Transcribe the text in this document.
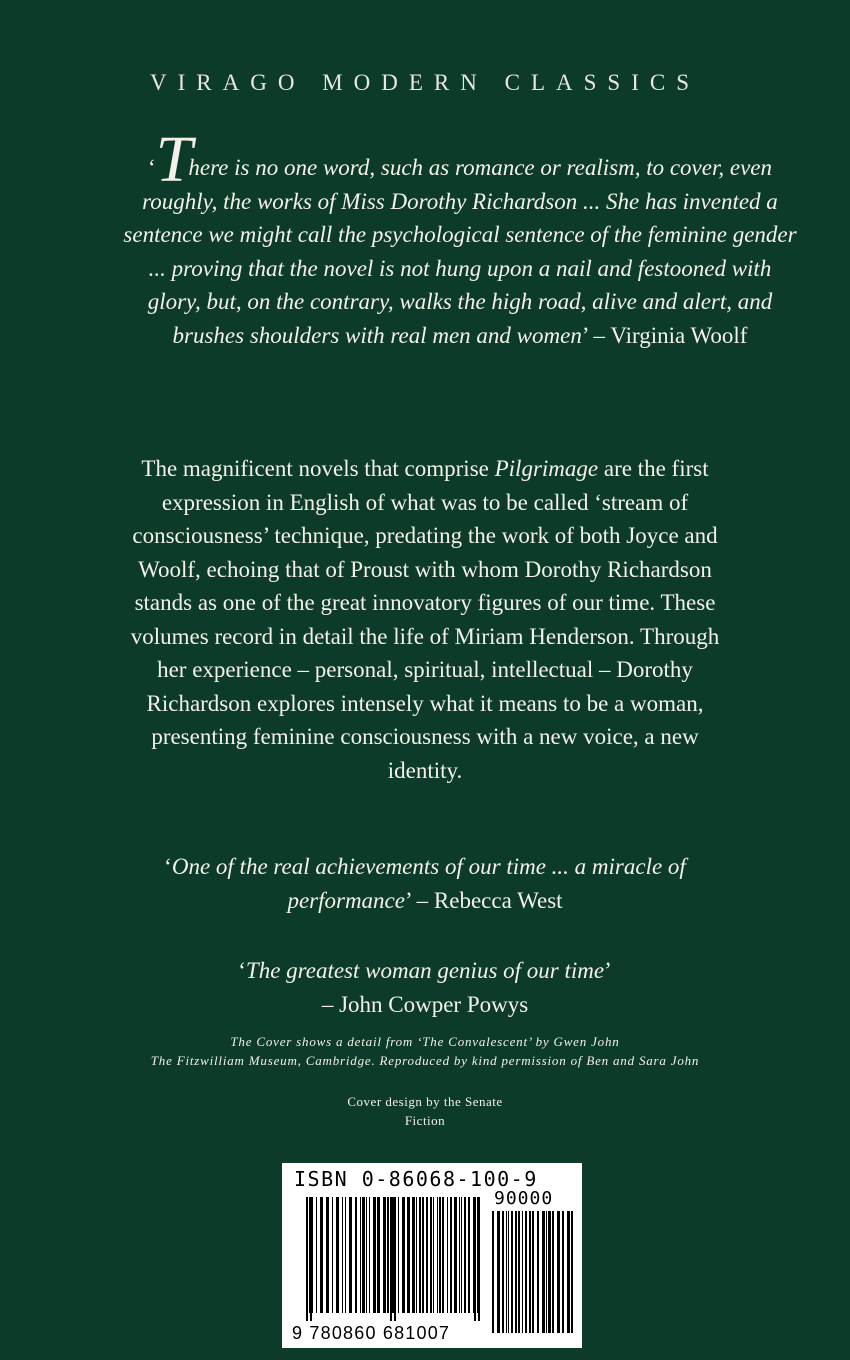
VIRAGO MODERN CLASSICS
‘There is no one word, such as romance or realism, to cover, even roughly, the works of Miss Dorothy Richardson ... She has invented a sentence we might call the psychological sentence of the feminine gender ... proving that the novel is not hung upon a nail and festooned with glory, but, on the contrary, walks the high road, alive and alert, and brushes shoulders with real men and women’ – Virginia Woolf
The magnificent novels that comprise Pilgrimage are the first expression in English of what was to be called ‘stream of consciousness’ technique, predating the work of both Joyce and Woolf, echoing that of Proust with whom Dorothy Richardson stands as one of the great innovatory figures of our time. These volumes record in detail the life of Miriam Henderson. Through her experience – personal, spiritual, intellectual – Dorothy Richardson explores intensely what it means to be a woman, presenting feminine consciousness with a new voice, a new identity.
‘One of the real achievements of our time ... a miracle of performance’ – Rebecca West
‘The greatest woman genius of our time’
– John Cowper Powys
The Cover shows a detail from ‘The Convalescent’ by Gwen John
The Fitzwilliam Museum, Cambridge. Reproduced by kind permission of Ben and Sara John
Cover design by the Senate
Fiction
ISBN 0-86068-100-9
90000
9 780860 681007
